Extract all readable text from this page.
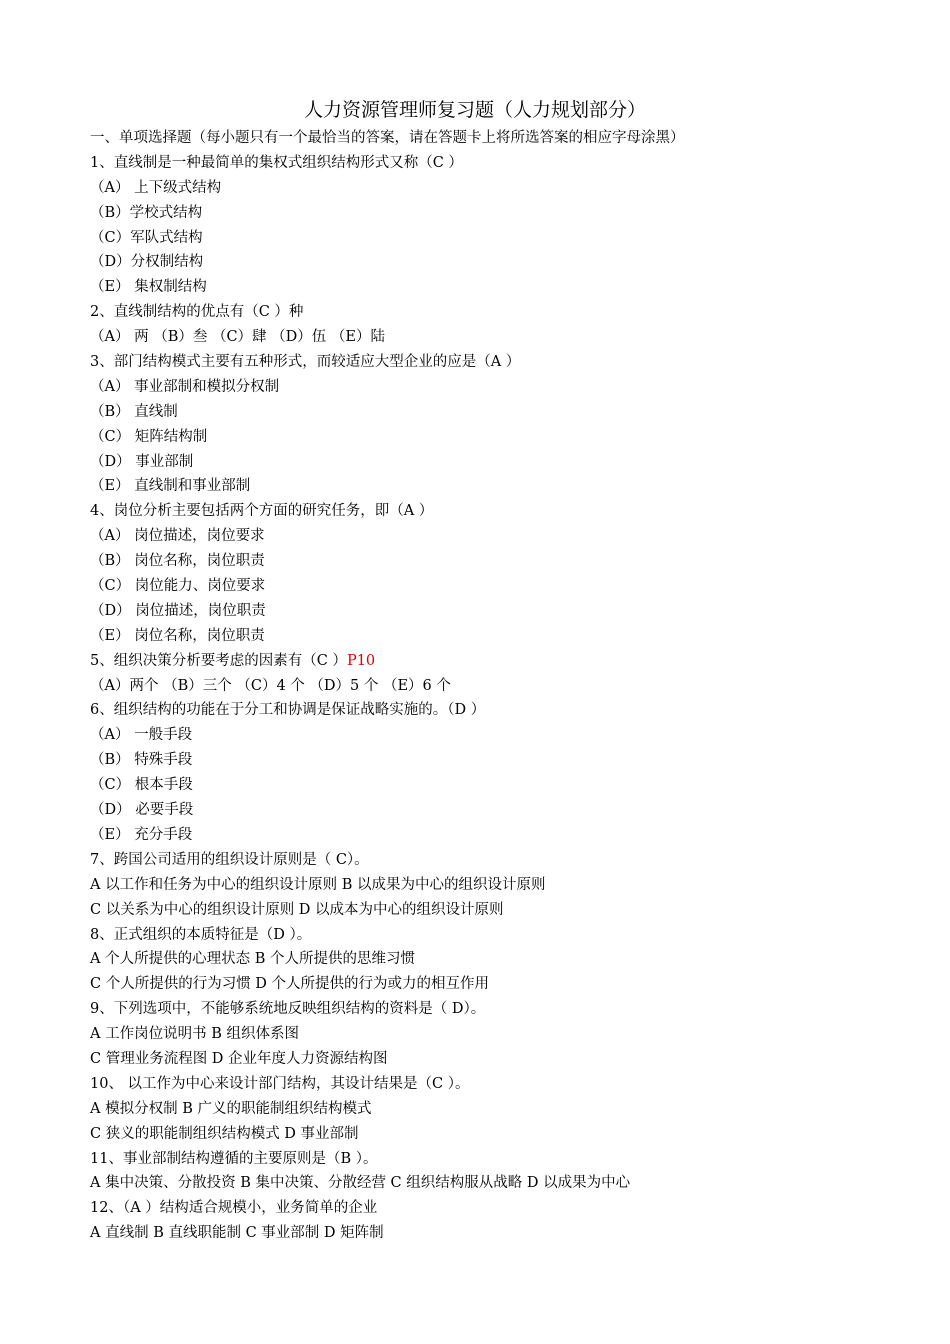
人力资源管理师复习题（人力规划部分）
一、单项选择题（每小题只有一个最恰当的答案，请在答题卡上将所选答案的相应字母涂黑）
1、直线制是一种最简单的集权式组织结构形式又称（C ）
（A） 上下级式结构
（B）学校式结构
（C）军队式结构
（D）分权制结构
（E） 集权制结构
2、直线制结构的优点有（C ）种
（A） 两 （B）叁 （C）肆 （D）伍 （E）陆
3、部门结构模式主要有五种形式，而较适应大型企业的应是（A ）
（A） 事业部制和模拟分权制
（B） 直线制
（C） 矩阵结构制
（D） 事业部制
（E） 直线制和事业部制
4、岗位分析主要包括两个方面的研究任务，即（A ）
（A） 岗位描述，岗位要求
（B） 岗位名称，岗位职责
（C） 岗位能力、岗位要求
（D） 岗位描述，岗位职责
（E） 岗位名称，岗位职责
5、组织决策分析要考虑的因素有（C ）P10
（A）两个 （B）三个 （C）4 个 （D）5 个 （E）6 个
6、组织结构的功能在于分工和协调是保证战略实施的。（D ）
（A） 一般手段
（B） 特殊手段
（C） 根本手段
（D） 必要手段
（E） 充分手段
7、跨国公司适用的组织设计原则是（ C）。
A 以工作和任务为中心的组织设计原则 B 以成果为中心的组织设计原则
C 以关系为中心的组织设计原则 D 以成本为中心的组织设计原则
8、正式组织的本质特征是（D ）。
A 个人所提供的心理状态 B 个人所提供的思维习惯
C 个人所提供的行为习惯 D 个人所提供的行为或力的相互作用
9、下列选项中，不能够系统地反映组织结构的资料是（ D）。
A 工作岗位说明书 B 组织体系图
C 管理业务流程图 D 企业年度人力资源结构图
10、 以工作为中心来设计部门结构，其设计结果是（C ）。
A 模拟分权制 B 广义的职能制组织结构模式
C 狭义的职能制组织结构模式 D 事业部制
11、事业部制结构遵循的主要原则是（B ）。
A 集中决策、分散投资 B 集中决策、分散经营 C 组织结构服从战略 D 以成果为中心
12、（A ）结构适合规模小，业务简单的企业
A 直线制 B 直线职能制 C 事业部制 D 矩阵制
